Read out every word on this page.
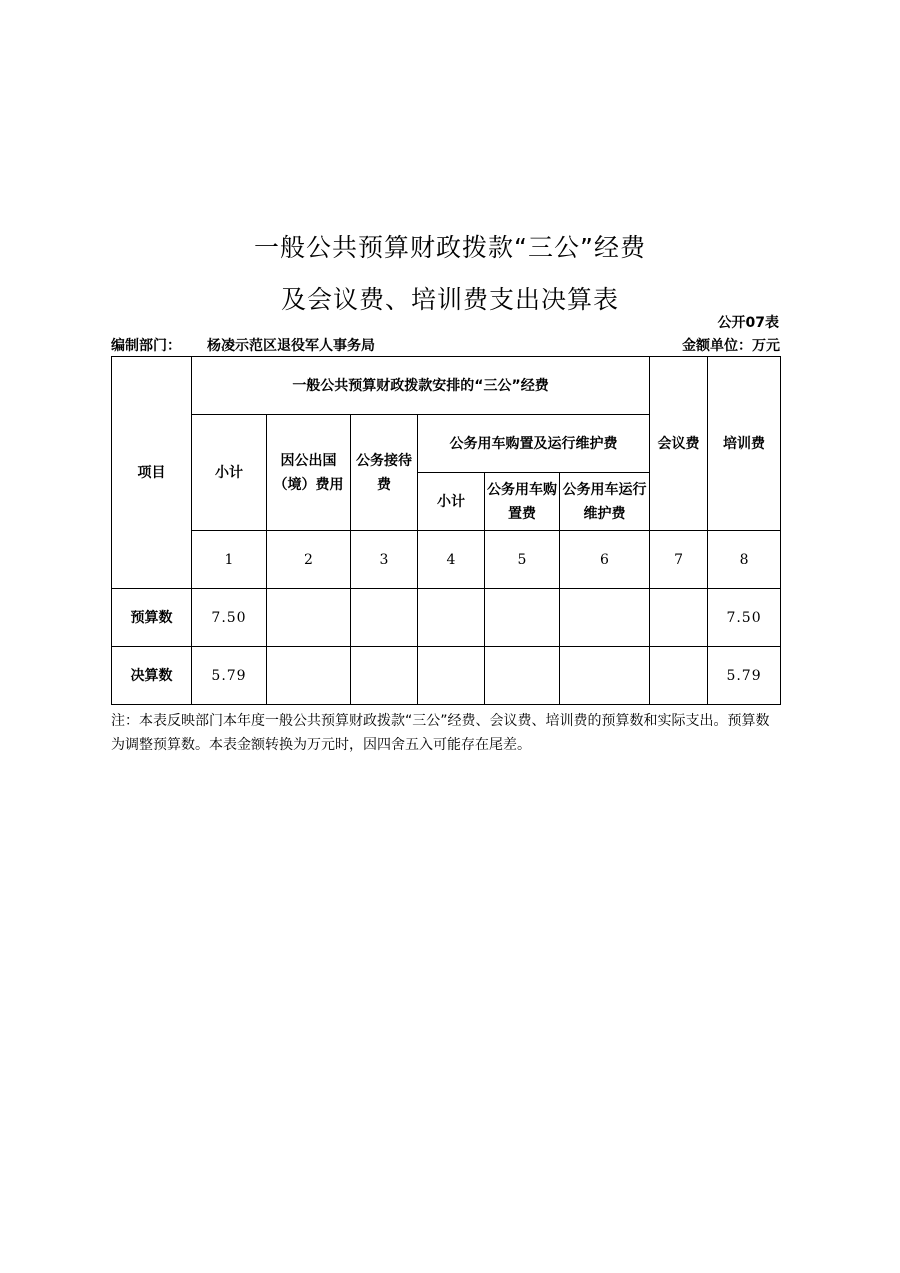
一般公共预算财政拨款“三公”经费
及会议费、培训费支出决算表
公开07表
编制部门： 杨凌示范区退役军人事务局	金额单位：万元
项目	一般公共预算财政拨款安排的“三公”经费						会议费	培训费
	小计	因公出国（境）费用	公务接待费	公务用车购置及运行维护费				
				小计	公务用车购置费	公务用车运行维护费		
	1	2	3	4	5	6	7	8
预算数	7.50							7.50
决算数	5.79							5.79
注：本表反映部门本年度一般公共预算财政拨款“三公”经费、会议费、培训费的预算数和实际支出。预算数为调整预算数。本表金额转换为万元时，因四舍五入可能存在尾差。
